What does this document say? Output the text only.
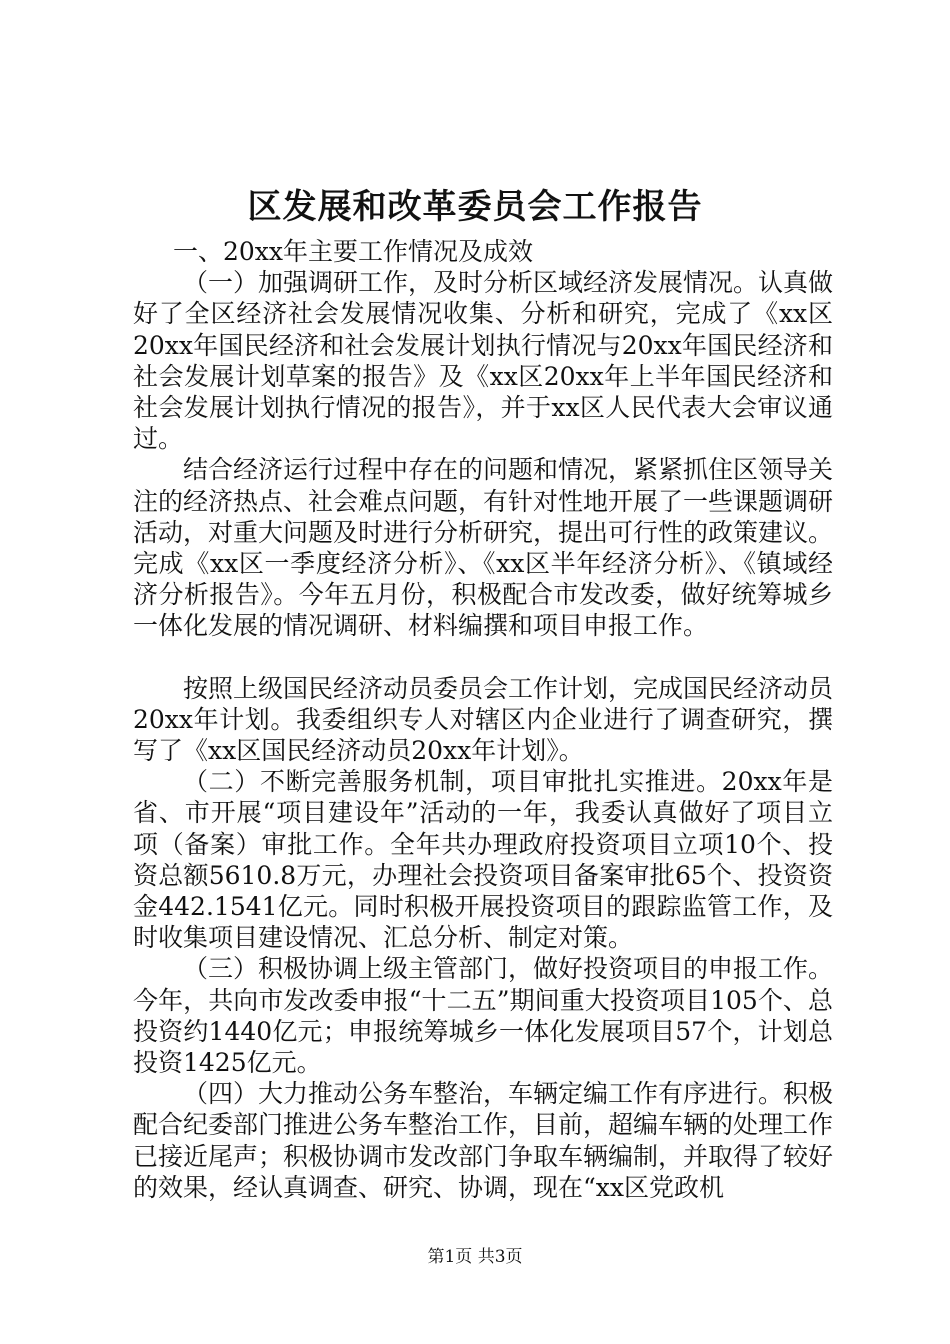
区发展和改革委员会工作报告

一、20xx年主要工作情况及成效

（一）加强调研工作，及时分析区域经济发展情况。认真做好了全区经济社会发展情况收集、分析和研究，完成了《xx区20xx年国民经济和社会发展计划执行情况与20xx年国民经济和社会发展计划草案的报告》及《xx区20xx年上半年国民经济和社会发展计划执行情况的报告》，并于xx区人民代表大会审议通过。

结合经济运行过程中存在的问题和情况，紧紧抓住区领导关注的经济热点、社会难点问题，有针对性地开展了一些课题调研活动，对重大问题及时进行分析研究，提出可行性的政策建议。完成《xx区一季度经济分析》、《xx区半年经济分析》、《镇域经济分析报告》。今年五月份，积极配合市发改委，做好统筹城乡一体化发展的情况调研、材料编撰和项目申报工作。

按照上级国民经济动员委员会工作计划，完成国民经济动员20xx年计划。我委组织专人对辖区内企业进行了调查研究，撰写了《xx区国民经济动员20xx年计划》。

（二）不断完善服务机制，项目审批扎实推进。20xx年是省、市开展“项目建设年”活动的一年，我委认真做好了项目立项（备案）审批工作。全年共办理政府投资项目立项10个、投资总额5610.8万元，办理社会投资项目备案审批65个、投资资金442.1541亿元。同时积极开展投资项目的跟踪监管工作，及时收集项目建设情况、汇总分析、制定对策。

（三）积极协调上级主管部门，做好投资项目的申报工作。今年，共向市发改委申报“十二五”期间重大投资项目105个、总投资约1440亿元；申报统筹城乡一体化发展项目57个，计划总投资1425亿元。

（四）大力推动公务车整治，车辆定编工作有序进行。积极配合纪委部门推进公务车整治工作，目前，超编车辆的处理工作已接近尾声；积极协调市发改部门争取车辆编制，并取得了较好的效果，经认真调查、研究、协调，现在“xx区党政机

第1页 共3页
